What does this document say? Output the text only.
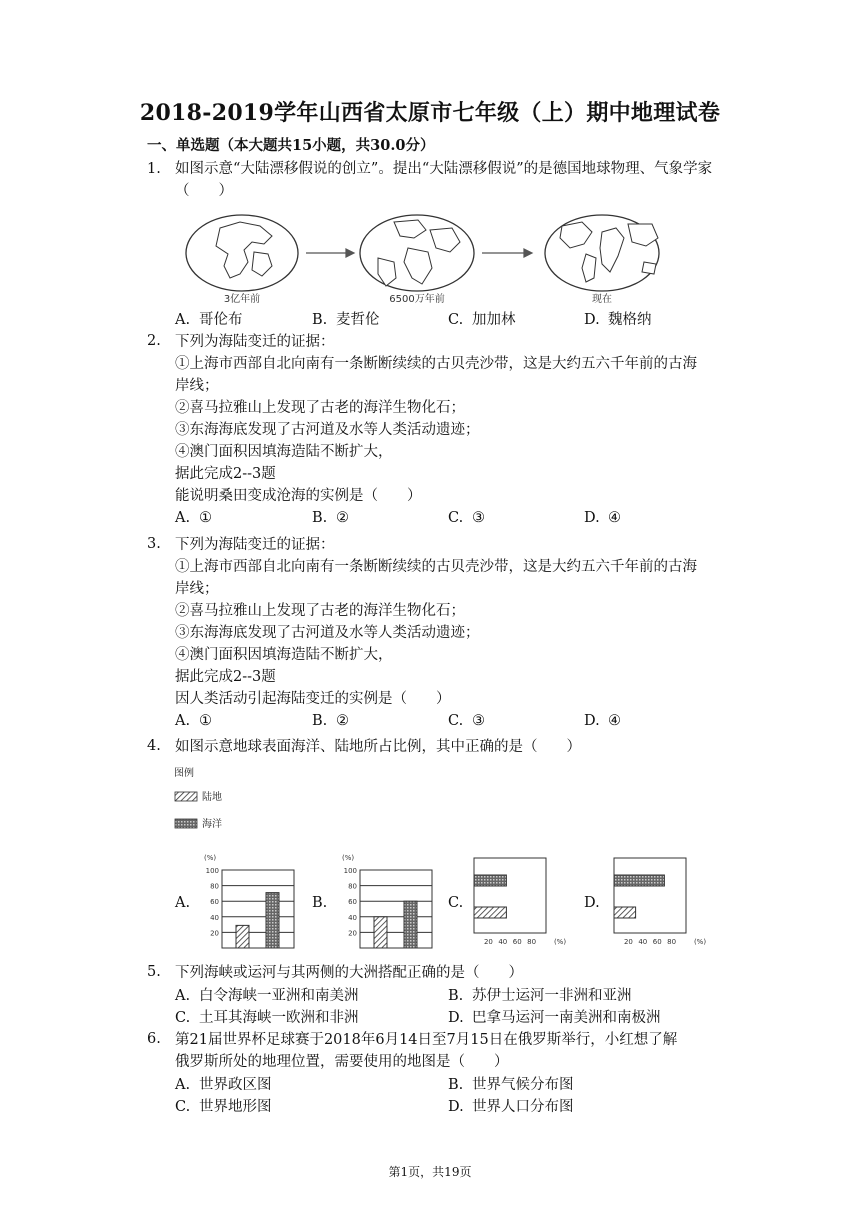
2018-2019学年山西省太原市七年级（上）期中地理试卷
一、单选题（本大题共15小题，共30.0分）
1. 如图示意“大陆漂移假说的创立”。提出“大陆漂移假说”的是德国地球物理、气象学家（　　）
3亿年前	6500万年前	现在
A. 哥伦布	B. 麦哲伦	C. 加加林	D. 魏格纳
2. 下列为海陆变迁的证据：
①上海市西部自北向南有一条断断续续的古贝壳沙带，这是大约五六千年前的古海
岸线；
②喜马拉雅山上发现了古老的海洋生物化石；
③东海海底发现了古河道及水等人类活动遗迹；
④澳门面积因填海造陆不断扩大，
据此完成2--3题
能说明桑田变成沧海的实例是（　　）
A. ①	B. ②	C. ③	D. ④
3. 下列为海陆变迁的证据：
①上海市西部自北向南有一条断断续续的古贝壳沙带，这是大约五六千年前的古海
岸线；
②喜马拉雅山上发现了古老的海洋生物化石；
③东海海底发现了古河道及水等人类活动遗迹；
④澳门面积因填海造陆不断扩大，
据此完成2--3题
因人类活动引起海陆变迁的实例是（　　）
A. ①	B. ②	C. ③	D. ④
4. 如图示意地球表面海洋、陆地所占比例，其中正确的是（　　）
图例
陆地
海洋
A.	B.	C.	D.
(%)
20
40
60
80
100
(%)
20
40
60
80
100
20 40 60 80	(%)	20 40 60 80	(%)
5. 下列海峡或运河与其两侧的大洲搭配正确的是（　　）
A. 白令海峡一亚洲和南美洲	B. 苏伊士运河一非洲和亚洲
C. 土耳其海峡一欧洲和非洲	D. 巴拿马运河一南美洲和南极洲
6. 第21届世界杯足球赛于2018年6月14日至7月15日在俄罗斯举行，小红想了解
俄罗斯所处的地理位置，需要使用的地图是（　　）
A. 世界政区图	B. 世界气候分布图
C. 世界地形图	D. 世界人口分布图
第1页，共19页
